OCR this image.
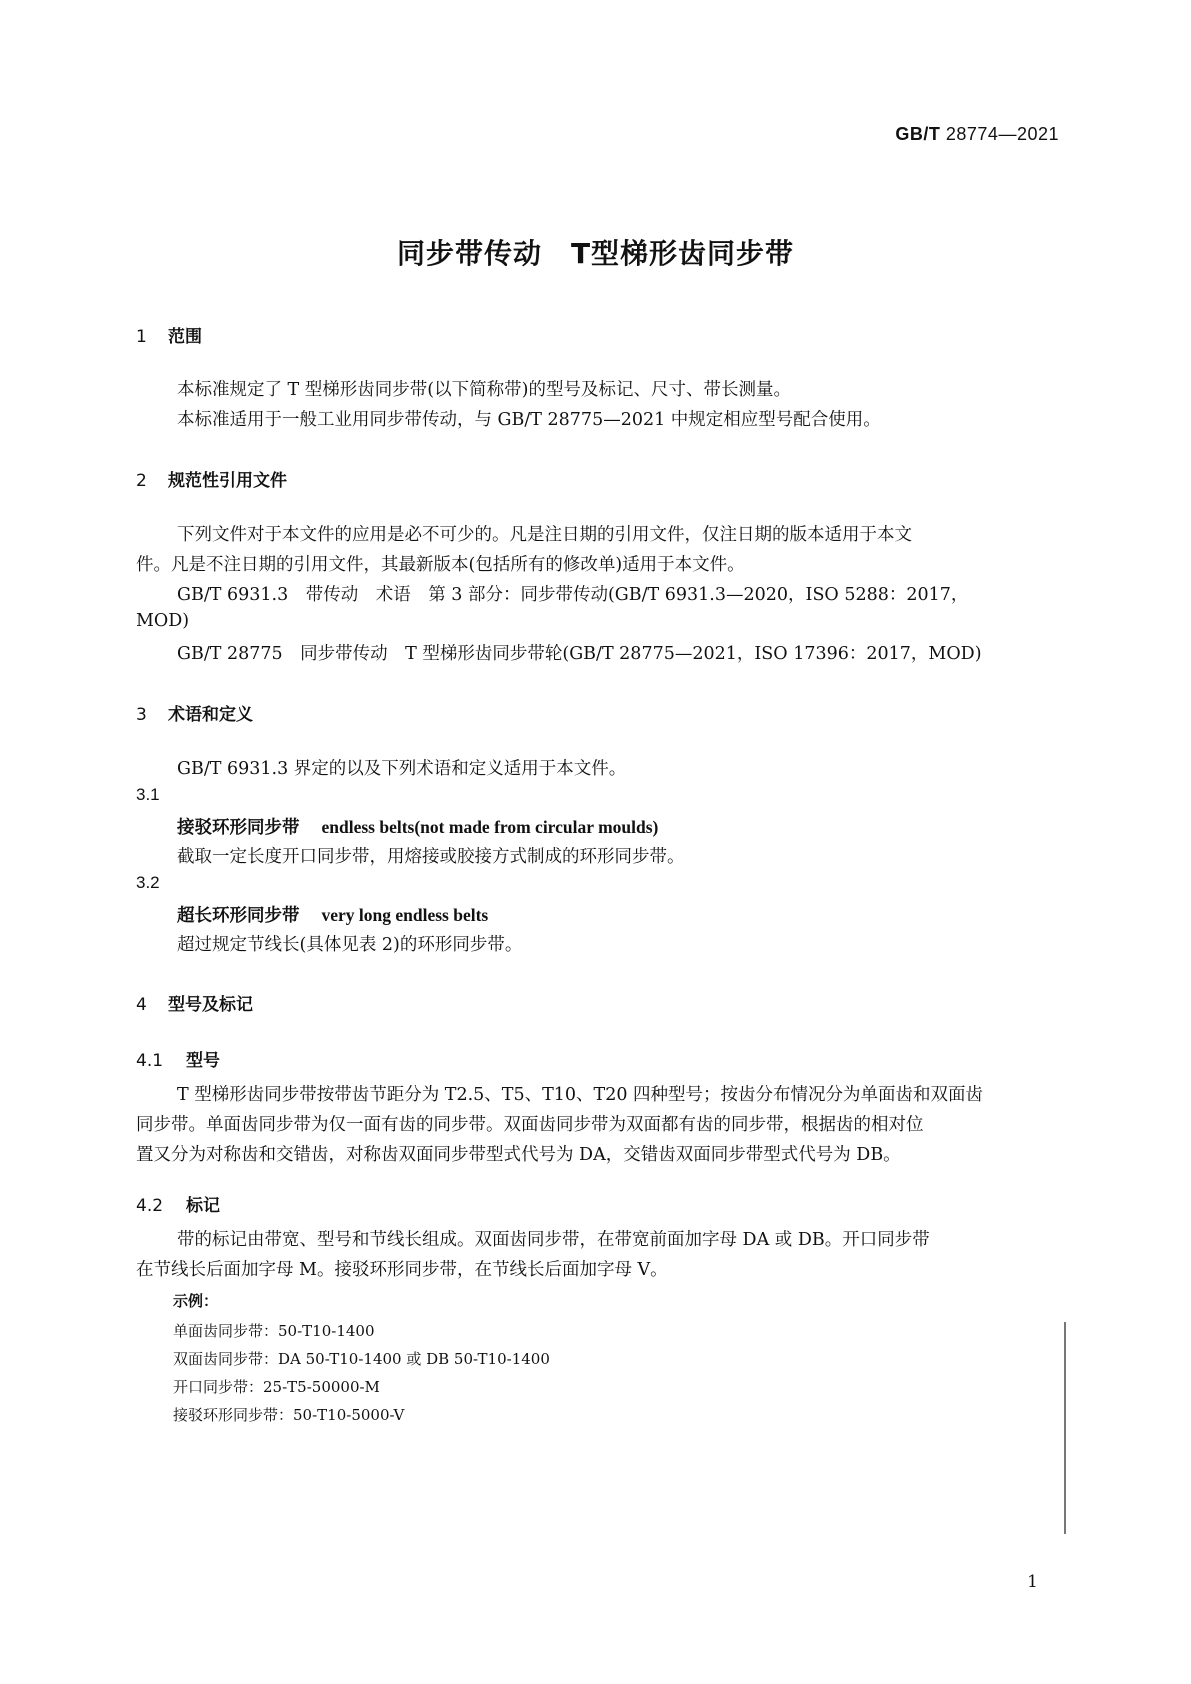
GB/T 28774—2021
同步带传动　T型梯形齿同步带
1 范围
本标准规定了 T 型梯形齿同步带(以下简称带)的型号及标记、尺寸、带长测量。
本标准适用于一般工业用同步带传动，与 GB/T 28775—2021 中规定相应型号配合使用。
2 规范性引用文件
下列文件对于本文件的应用是必不可少的。凡是注日期的引用文件，仅注日期的版本适用于本文
件。凡是不注日期的引用文件，其最新版本(包括所有的修改单)适用于本文件。
GB/T 6931.3　带传动　术语　第 3 部分：同步带传动(GB/T 6931.3—2020，ISO 5288：2017，
MOD)
GB/T 28775　同步带传动　T 型梯形齿同步带轮(GB/T 28775—2021，ISO 17396：2017，MOD)
3 术语和定义
GB/T 6931.3 界定的以及下列术语和定义适用于本文件。
3.1
接驳环形同步带 endless belts(not made from circular moulds)
截取一定长度开口同步带，用熔接或胶接方式制成的环形同步带。
3.2
超长环形同步带 very long endless belts
超过规定节线长(具体见表 2)的环形同步带。
4 型号及标记
4.1 型号
T 型梯形齿同步带按带齿节距分为 T2.5、T5、T10、T20 四种型号；按齿分布情况分为单面齿和双面齿
同步带。单面齿同步带为仅一面有齿的同步带。双面齿同步带为双面都有齿的同步带，根据齿的相对位
置又分为对称齿和交错齿，对称齿双面同步带型式代号为 DA，交错齿双面同步带型式代号为 DB。
4.2 标记
带的标记由带宽、型号和节线长组成。双面齿同步带，在带宽前面加字母 DA 或 DB。开口同步带
在节线长后面加字母 M。接驳环形同步带，在节线长后面加字母 V。
示例：
单面齿同步带：50-T10-1400
双面齿同步带：DA 50-T10-1400 或 DB 50-T10-1400
开口同步带：25-T5-50000-M
接驳环形同步带：50-T10-5000-V
1
